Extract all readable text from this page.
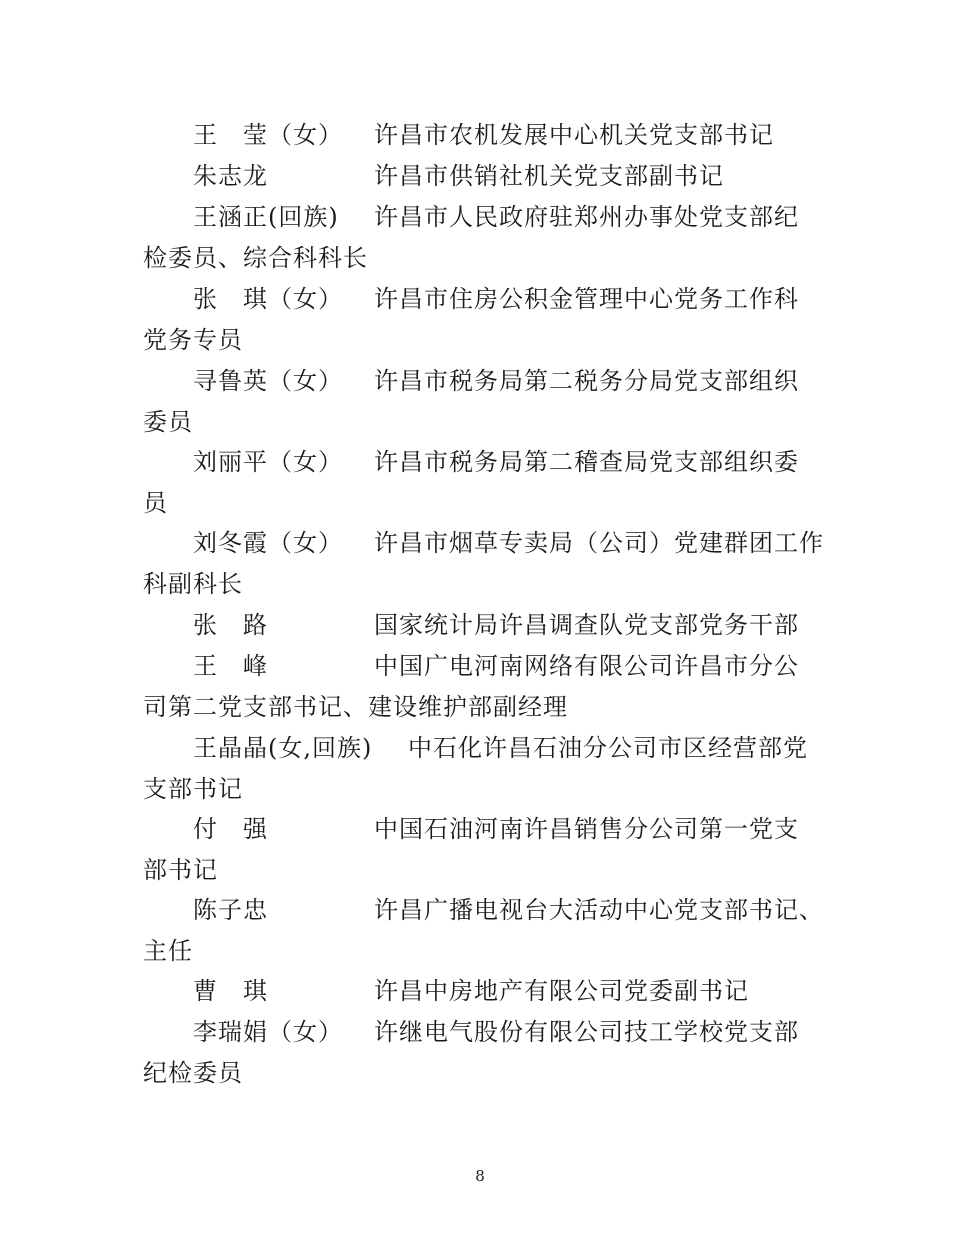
王　莹（女） 许昌市农机发展中心机关党支部书记
朱志龙	许昌市供销社机关党支部副书记
王涵正(回族) 许昌市人民政府驻郑州办事处党支部纪
检委员、综合科科长
张　琪（女） 许昌市住房公积金管理中心党务工作科
党务专员
寻鲁英（女） 许昌市税务局第二税务分局党支部组织
委员
刘丽平（女） 许昌市税务局第二稽查局党支部组织委
员
刘冬霞（女） 许昌市烟草专卖局（公司）党建群团工作
科副科长
张　路	国家统计局许昌调查队党支部党务干部
王　峰	中国广电河南网络有限公司许昌市分公
司第二党支部书记、建设维护部副经理
王晶晶(女,回族) 中石化许昌石油分公司市区经营部党
支部书记
付　强	中国石油河南许昌销售分公司第一党支
部书记
陈子忠	许昌广播电视台大活动中心党支部书记、
主任
曹　琪	许昌中房地产有限公司党委副书记
李瑞娟（女） 许继电气股份有限公司技工学校党支部
纪检委员
8
